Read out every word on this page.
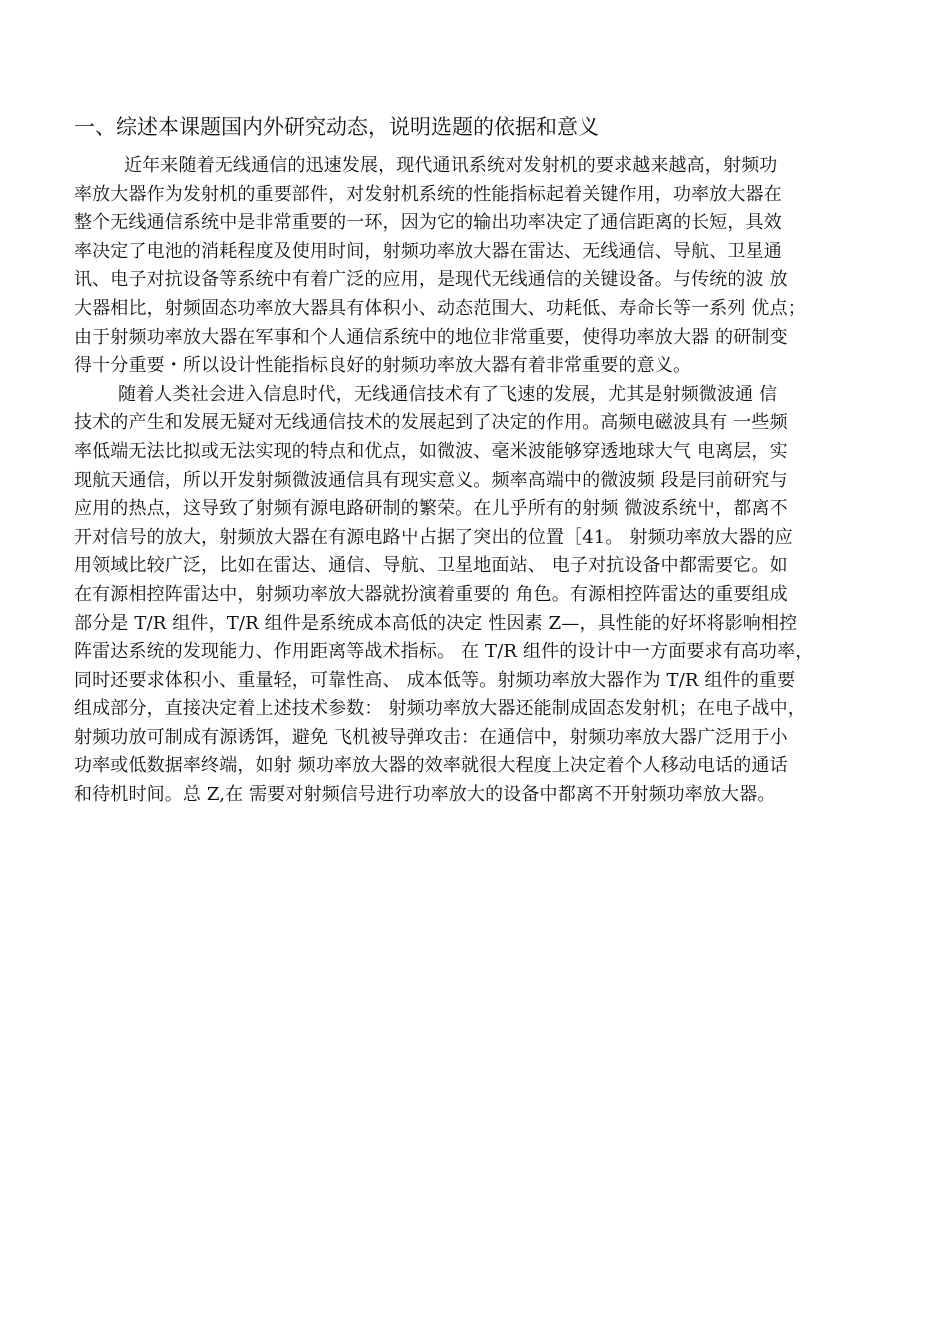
一、综述本课题国内外研究动态，说明选题的依据和意义

近年来随着无线通信的迅速发展，现代通讯系统对发射机的要求越来越高，射频功
率放大器作为发射机的重要部件，对发射机系统的性能指标起着关键作用，功率放大器在
整个无线通信系统中是非常重要的一环，因为它的输出功率决定了通信距离的长短，具效
率决定了电池的消耗程度及使用时间，射频功率放大器在雷达、无线通信、导航、卫星通
讯、电子对抗设备等系统中有着广泛的应用，是现代无线通信的关键设备。与传统的波 放
大器相比，射频固态功率放大器具有体积小、动态范围大、功耗低、寿命长等一系列 优点；
由于射频功率放大器在军事和个人通信系统中的地位非常重要，使得功率放大器 的研制变
得十分重要・所以设计性能指标良好的射频功率放大器有着非常重要的意义。

随着人类社会进入信息时代，无线通信技术有了飞速的发展，尤其是射频微波通 信
技术的产生和发展无疑对无线通信技术的发展起到了决定的作用。高频电磁波具有 一些频
率低端无法比拟或无法实现的特点和优点，如微波、毫米波能够穿透地球大气 电离层，实
现航天通信，所以开发射频微波通信具有现实意义。频率高端中的微波频 段是冃前研究与
应用的热点，这导致了射频有源电路研制的繁荣。在儿乎所有的射频 微波系统屮，都离不
开对信号的放大，射频放大器在有源电路屮占据了突出的位置［41。 射频功率放大器的应
用领域比较广泛，比如在雷达、通信、导航、卫星地面站、 电子对抗设备中都需要它。如
在有源相控阵雷达中，射频功率放大器就扮演着重要的 角色。有源相控阵雷达的重要组成
部分是 T/R 组件，T/R 组件是系统成本高低的决定 性因素 Z—，具性能的好坏将影响相控
阵雷达系统的发现能力、作用距离等战术指标。 在 T/R 组件的设计中一方面要求有高功率，
同时还要求体积小、重量轻，可靠性高、 成本低等。射频功率放大器作为 T/R 组件的重要
组成部分，直接决定着上述技术参数： 射频功率放大器还能制成固态发射机；在电子战中，
射频功放可制成有源诱饵，避免 飞机被导弹攻击：在通信中，射频功率放大器广泛用于小
功率或低数据率终端，如射 频功率放大器的效率就很大程度上决定着个人移动电话的通话
和待机时间。总 Z,在 需要对射频信号进行功率放大的设备中都离不开射频功率放大器。
